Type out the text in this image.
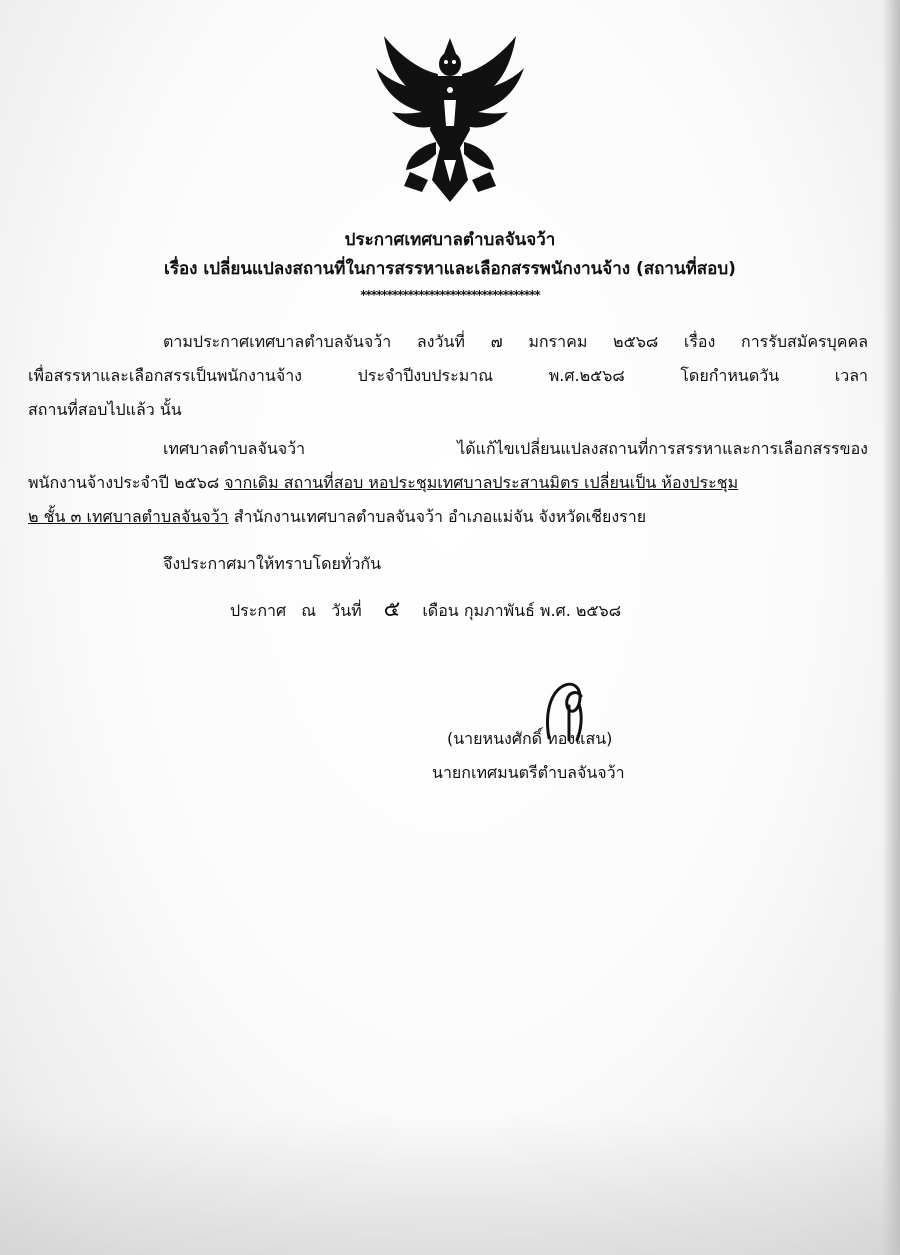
ประกาศเทศบาลตำบลจันจว้า
เรื่อง เปลี่ยนแปลงสถานที่ในการสรรหาและเลือกสรรพนักงานจ้าง (สถานที่สอบ)
**********************************
ตามประกาศเทศบาลตำบลจันจว้า ลงวันที่ ๗ มกราคม ๒๕๖๘ เรื่อง การรับสมัครบุคคล
เพื่อสรรหาและเลือกสรรเป็นพนักงานจ้าง ประจำปีงบประมาณ พ.ศ.๒๕๖๘ โดยกำหนดวัน เวลา
สถานที่สอบไปแล้ว นั้น
เทศบาลตำบลจันจว้า ได้แก้ไขเปลี่ยนแปลงสถานที่การสรรหาและการเลือกสรรของ
พนักงานจ้างประจำปี ๒๕๖๘ จากเดิม สถานที่สอบ หอประชุมเทศบาลประสานมิตร เปลี่ยนเป็น ห้องประชุม
๒ ชั้น ๓ เทศบาลตำบลจันจว้า สำนักงานเทศบาลตำบลจันจว้า อำเภอแม่จัน จังหวัดเชียงราย
จึงประกาศมาให้ทราบโดยทั่วกัน
ประกาศ ณ วันที่ ๕ เดือน กุมภาพันธ์ พ.ศ. ๒๕๖๘
(นายหนงศักดิ์ ทองแสน)
นายกเทศมนตรีตำบลจันจว้า
